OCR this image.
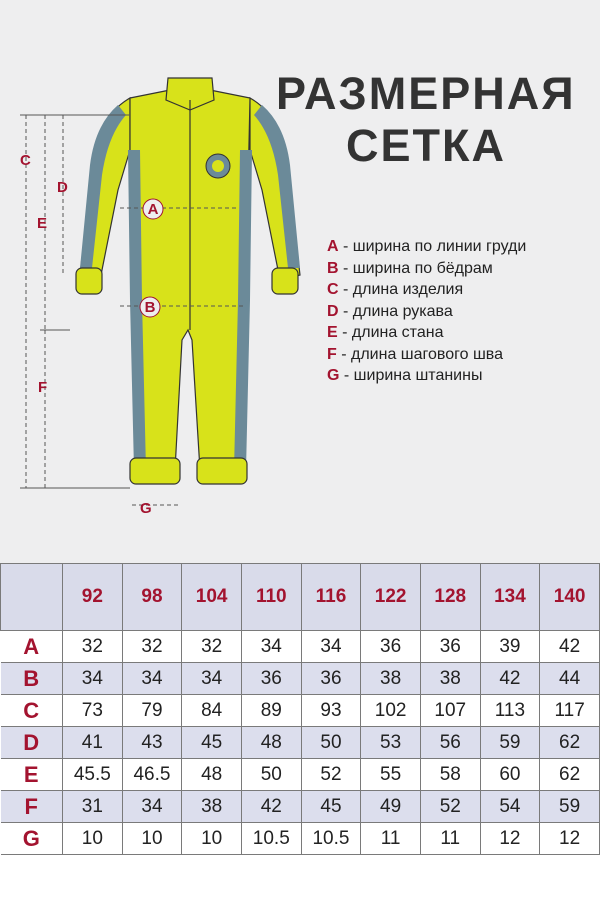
A
B
C
D
E
F
G
РАЗМЕРНАЯ
СЕТКА
A - ширина по линии груди
B - ширина по бёдрам
C - длина изделия
D - длина рукава
E - длина стана
F - длина шагового шва
G - ширина штанины
	92	98	104	110	116	122	128	134	140
A	32	32	32	34	34	36	36	39	42
B	34	34	34	36	36	38	38	42	44
C	73	79	84	89	93	102	107	113	117
D	41	43	45	48	50	53	56	59	62
E	45.5	46.5	48	50	52	55	58	60	62
F	31	34	38	42	45	49	52	54	59
G	10	10	10	10.5	10.5	11	11	12	12
